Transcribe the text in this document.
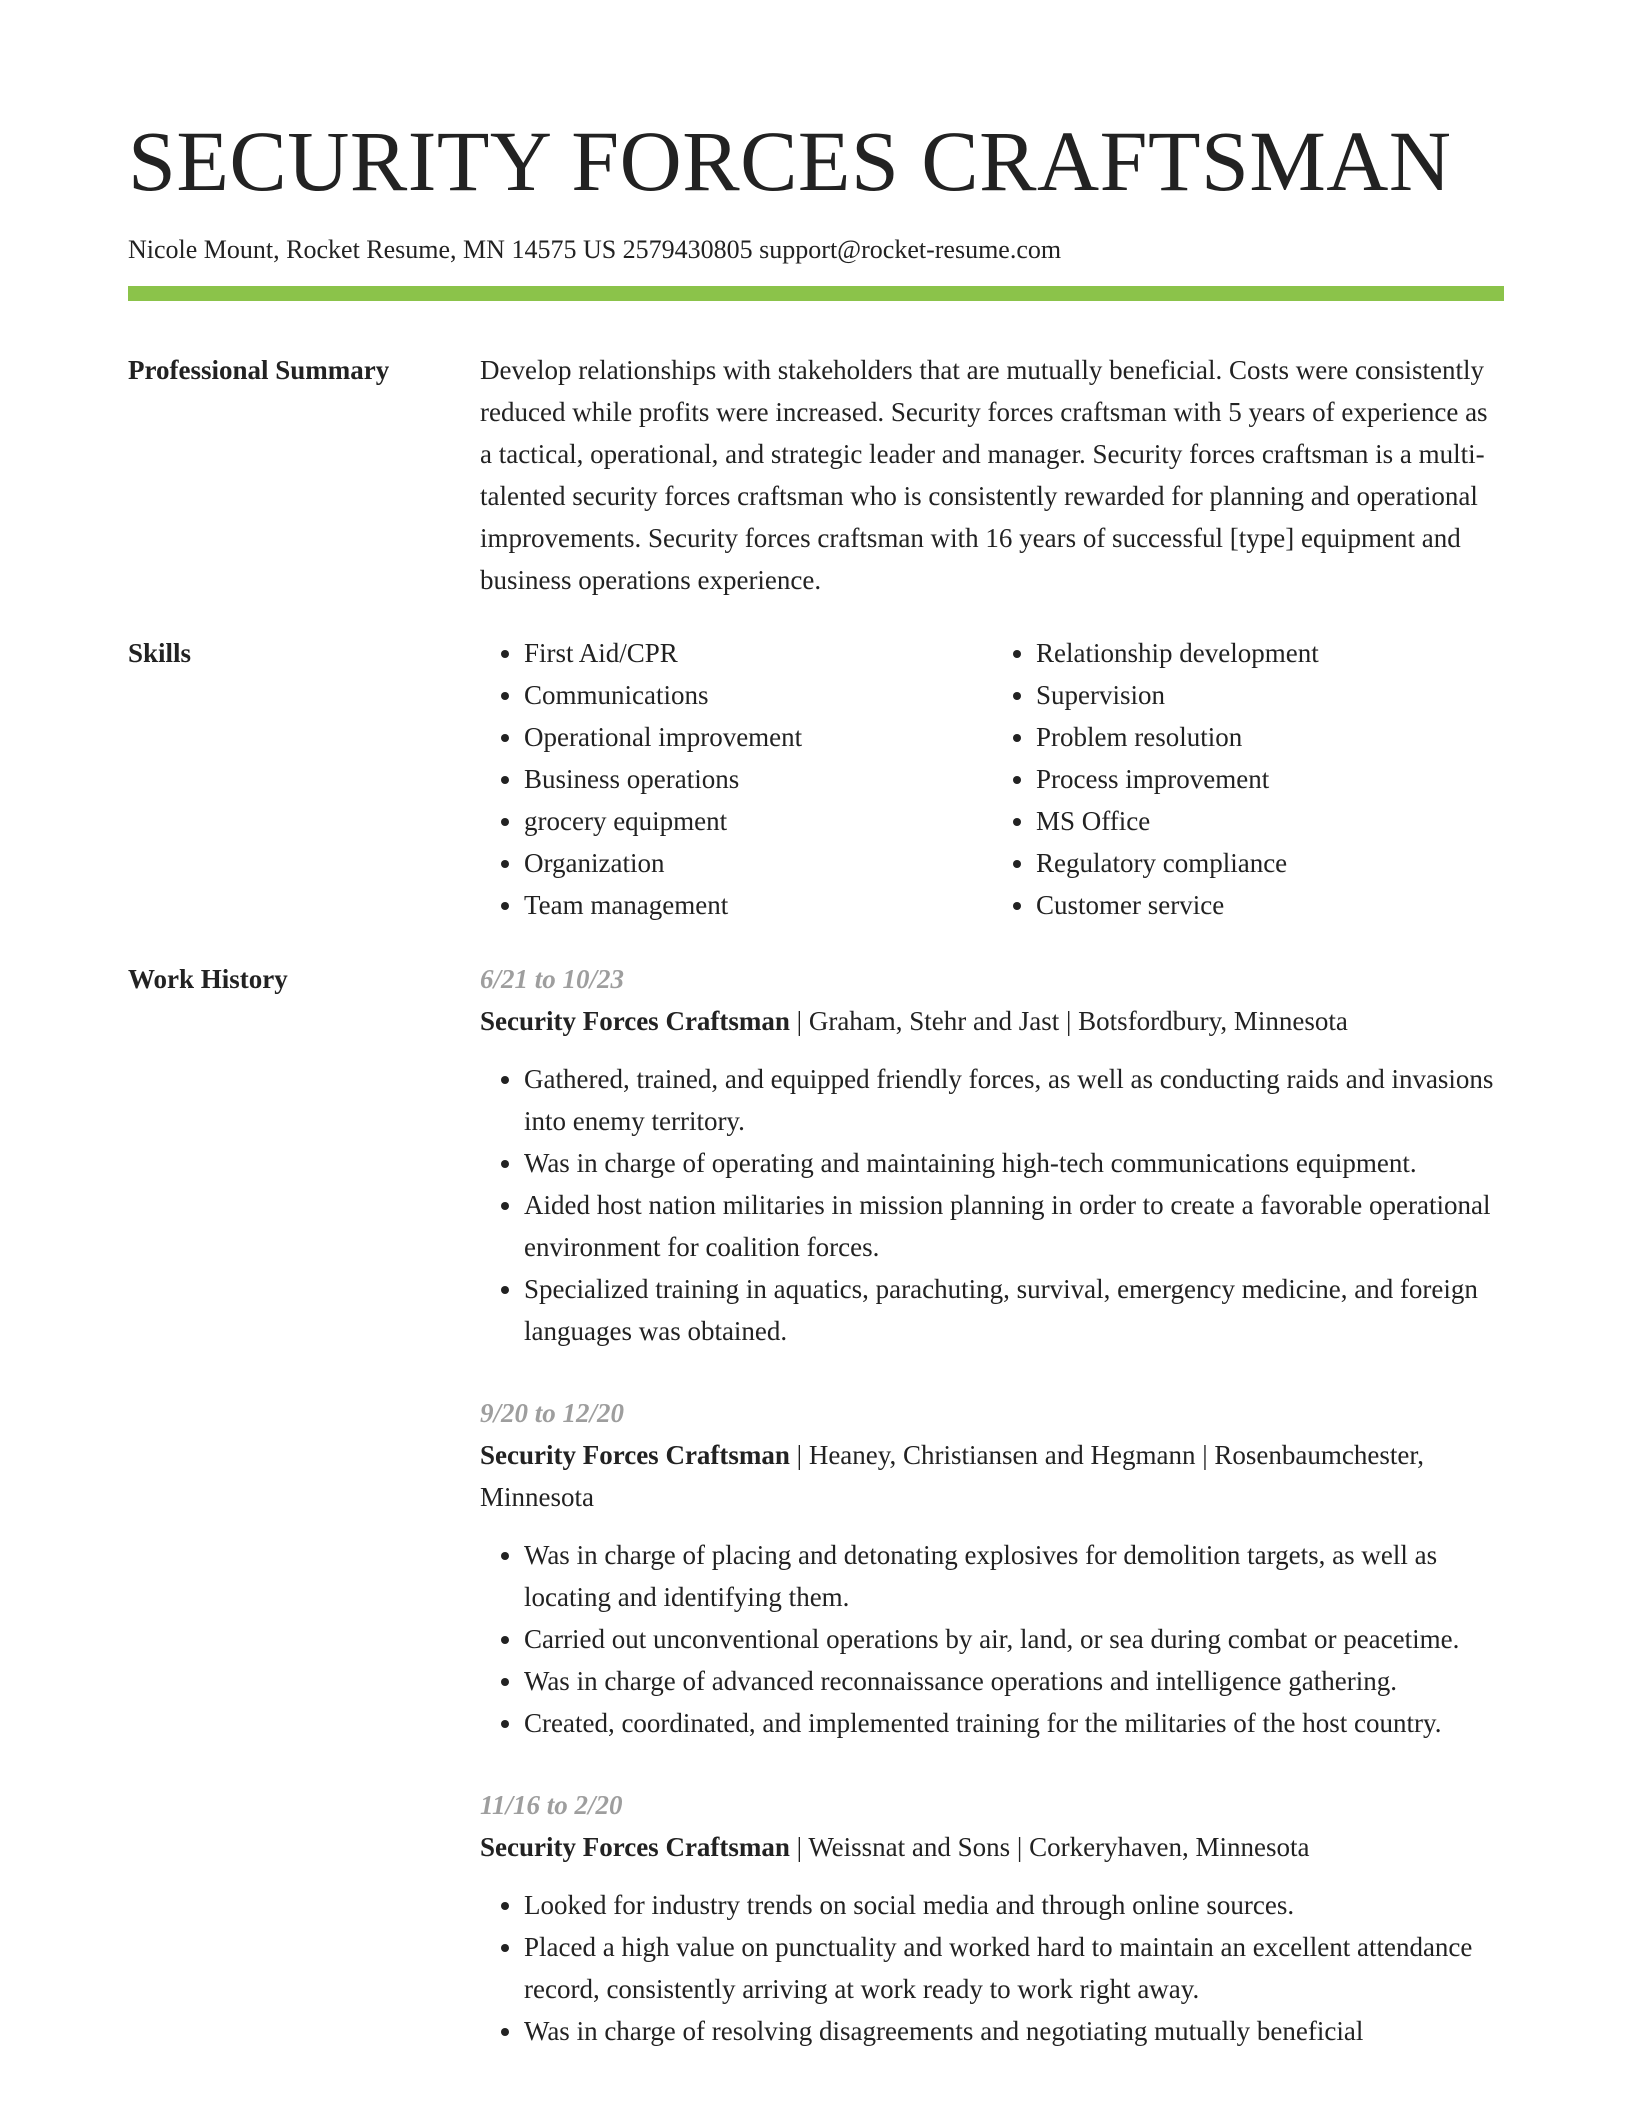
SECURITY FORCES CRAFTSMAN
Nicole Mount, Rocket Resume, MN 14575 US 2579430805 support@rocket-resume.com
Professional Summary	Develop relationships with stakeholders that are mutually beneficial. Costs were consistently reduced while profits were increased. Security forces craftsman with 5 years of experience as a tactical, operational, and strategic leader and manager. Security forces craftsman is a multi-talented security forces craftsman who is consistently rewarded for planning and operational improvements. Security forces craftsman with 16 years of successful [type] equipment and business operations experience.

Skills
•	First Aid/CPR
• Communications
• Operational improvement
• Business operations
• grocery equipment
• Organization
• Team management
• Relationship development
• Supervision
• Problem resolution
• Process improvement
• MS Office
• Regulatory compliance
• Customer service
Work History	6/21 to 10/23
Security Forces Craftsman | Graham, Stehr and Jast | Botsfordbury, Minnesota
• Gathered, trained, and equipped friendly forces, as well as conducting raids and invasions into enemy territory.
• Was in charge of operating and maintaining high-tech communications equipment.
• Aided host nation militaries in mission planning in order to create a favorable operational environment for coalition forces.
• Specialized training in aquatics, parachuting, survival, emergency medicine, and foreign languages was obtained.
9/20 to 12/20
Security Forces Craftsman | Heaney, Christiansen and Hegmann | Rosenbaumchester, Minnesota
• Was in charge of placing and detonating explosives for demolition targets, as well as locating and identifying them.
• Carried out unconventional operations by air, land, or sea during combat or peacetime.
• Was in charge of advanced reconnaissance operations and intelligence gathering.
• Created, coordinated, and implemented training for the militaries of the host country.
11/16 to 2/20
Security Forces Craftsman | Weissnat and Sons | Corkeryhaven, Minnesota
• Looked for industry trends on social media and through online sources.
• Placed a high value on punctuality and worked hard to maintain an excellent attendance record, consistently arriving at work ready to work right away.
• Was in charge of resolving disagreements and negotiating mutually beneficial
